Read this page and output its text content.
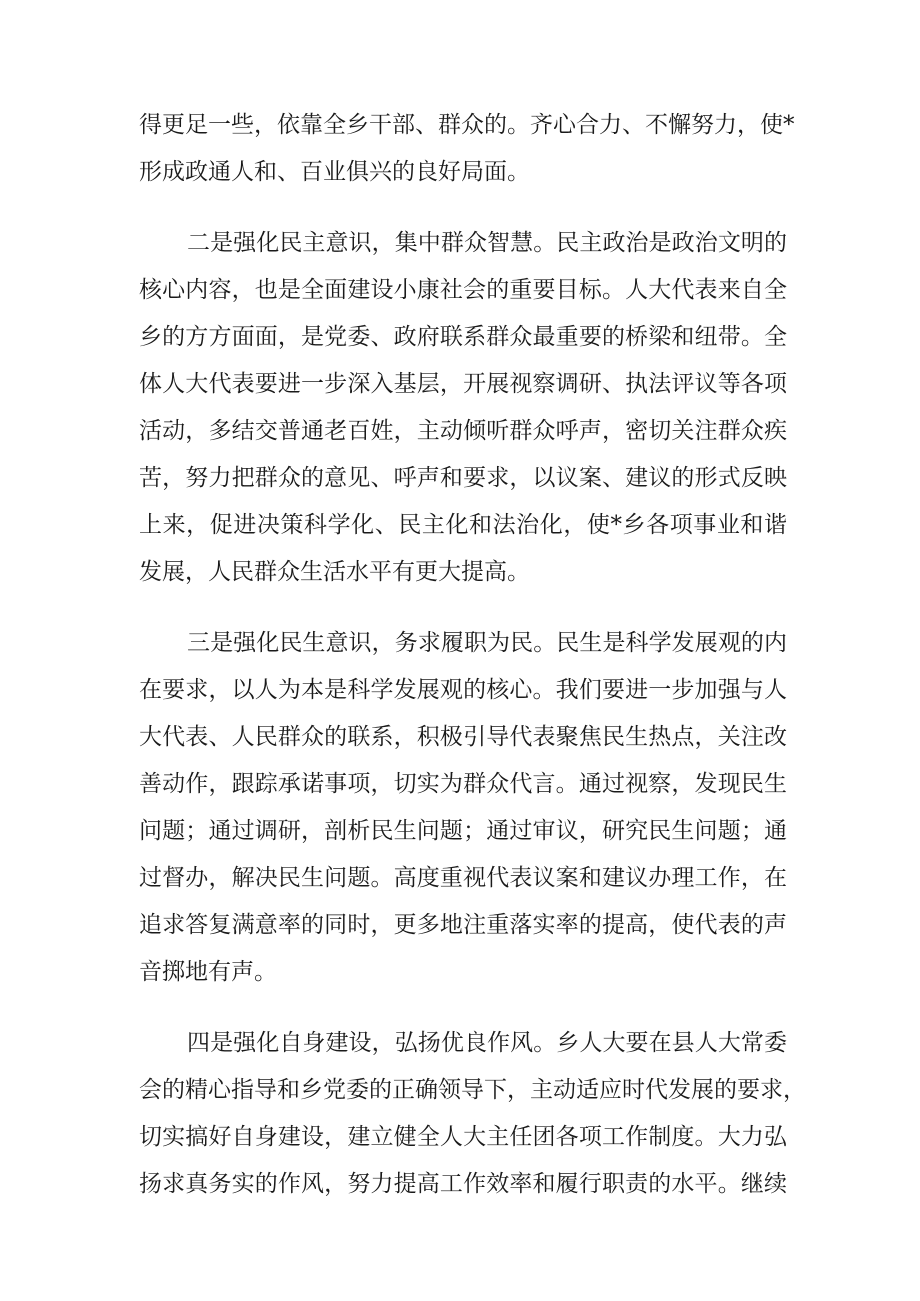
得更足一些，依靠全乡干部、群众的。齐心合力、不懈努力，使*
形成政通人和、百业俱兴的良好局面。
二是强化民主意识，集中群众智慧。民主政治是政治文明的
核心内容，也是全面建设小康社会的重要目标。人大代表来自全
乡的方方面面，是党委、政府联系群众最重要的桥梁和纽带。全
体人大代表要进一步深入基层，开展视察调研、执法评议等各项
活动，多结交普通老百姓，主动倾听群众呼声，密切关注群众疾
苦，努力把群众的意见、呼声和要求，以议案、建议的形式反映
上来，促进决策科学化、民主化和法治化，使*乡各项事业和谐
发展，人民群众生活水平有更大提高。
三是强化民生意识，务求履职为民。民生是科学发展观的内
在要求，以人为本是科学发展观的核心。我们要进一步加强与人
大代表、人民群众的联系，积极引导代表聚焦民生热点，关注改
善动作，跟踪承诺事项，切实为群众代言。通过视察，发现民生
问题；通过调研，剖析民生问题；通过审议，研究民生问题；通
过督办，解决民生问题。高度重视代表议案和建议办理工作，在
追求答复满意率的同时，更多地注重落实率的提高，使代表的声
音掷地有声。
四是强化自身建设，弘扬优良作风。乡人大要在县人大常委
会的精心指导和乡党委的正确领导下，主动适应时代发展的要求，
切实搞好自身建设，建立健全人大主任团各项工作制度。大力弘
扬求真务实的作风，努力提高工作效率和履行职责的水平。继续
